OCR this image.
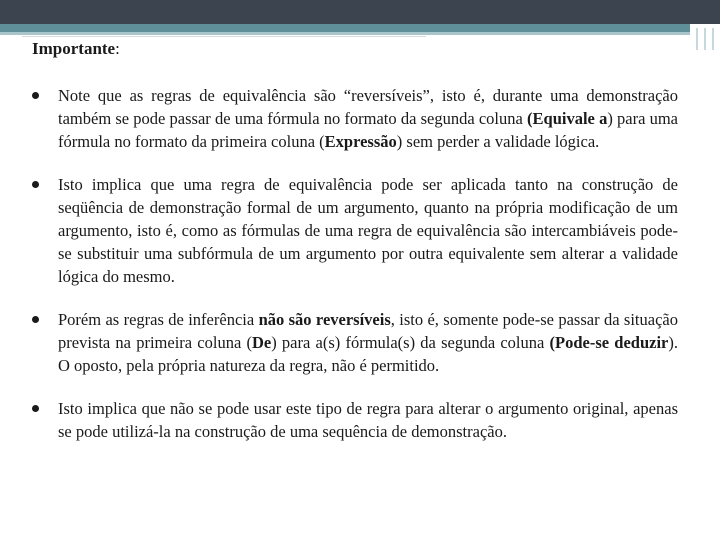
Importante:
Note que as regras de equivalência são “reversíveis”, isto é, durante uma demonstração também se pode passar de uma fórmula no formato da segunda coluna (Equivale a) para uma fórmula no formato da primeira coluna (Expressão) sem perder a validade lógica.
Isto implica que uma regra de equivalência pode ser aplicada tanto na construção de seqüência de demonstração formal de um argumento, quanto na própria modificação de um argumento, isto é, como as fórmulas de uma regra de equivalência são intercambiáveis pode-se substituir uma subfórmula de um argumento por outra equivalente sem alterar a validade lógica do mesmo.
Porém as regras de inferência não são reversíveis, isto é, somente pode-se passar da situação prevista na primeira coluna (De) para a(s) fórmula(s) da segunda coluna (Pode-se deduzir). O oposto, pela própria natureza da regra, não é permitido.
Isto implica que não se pode usar este tipo de regra para alterar o argumento original, apenas se pode utilizá-la na construção de uma sequência de demonstração.
